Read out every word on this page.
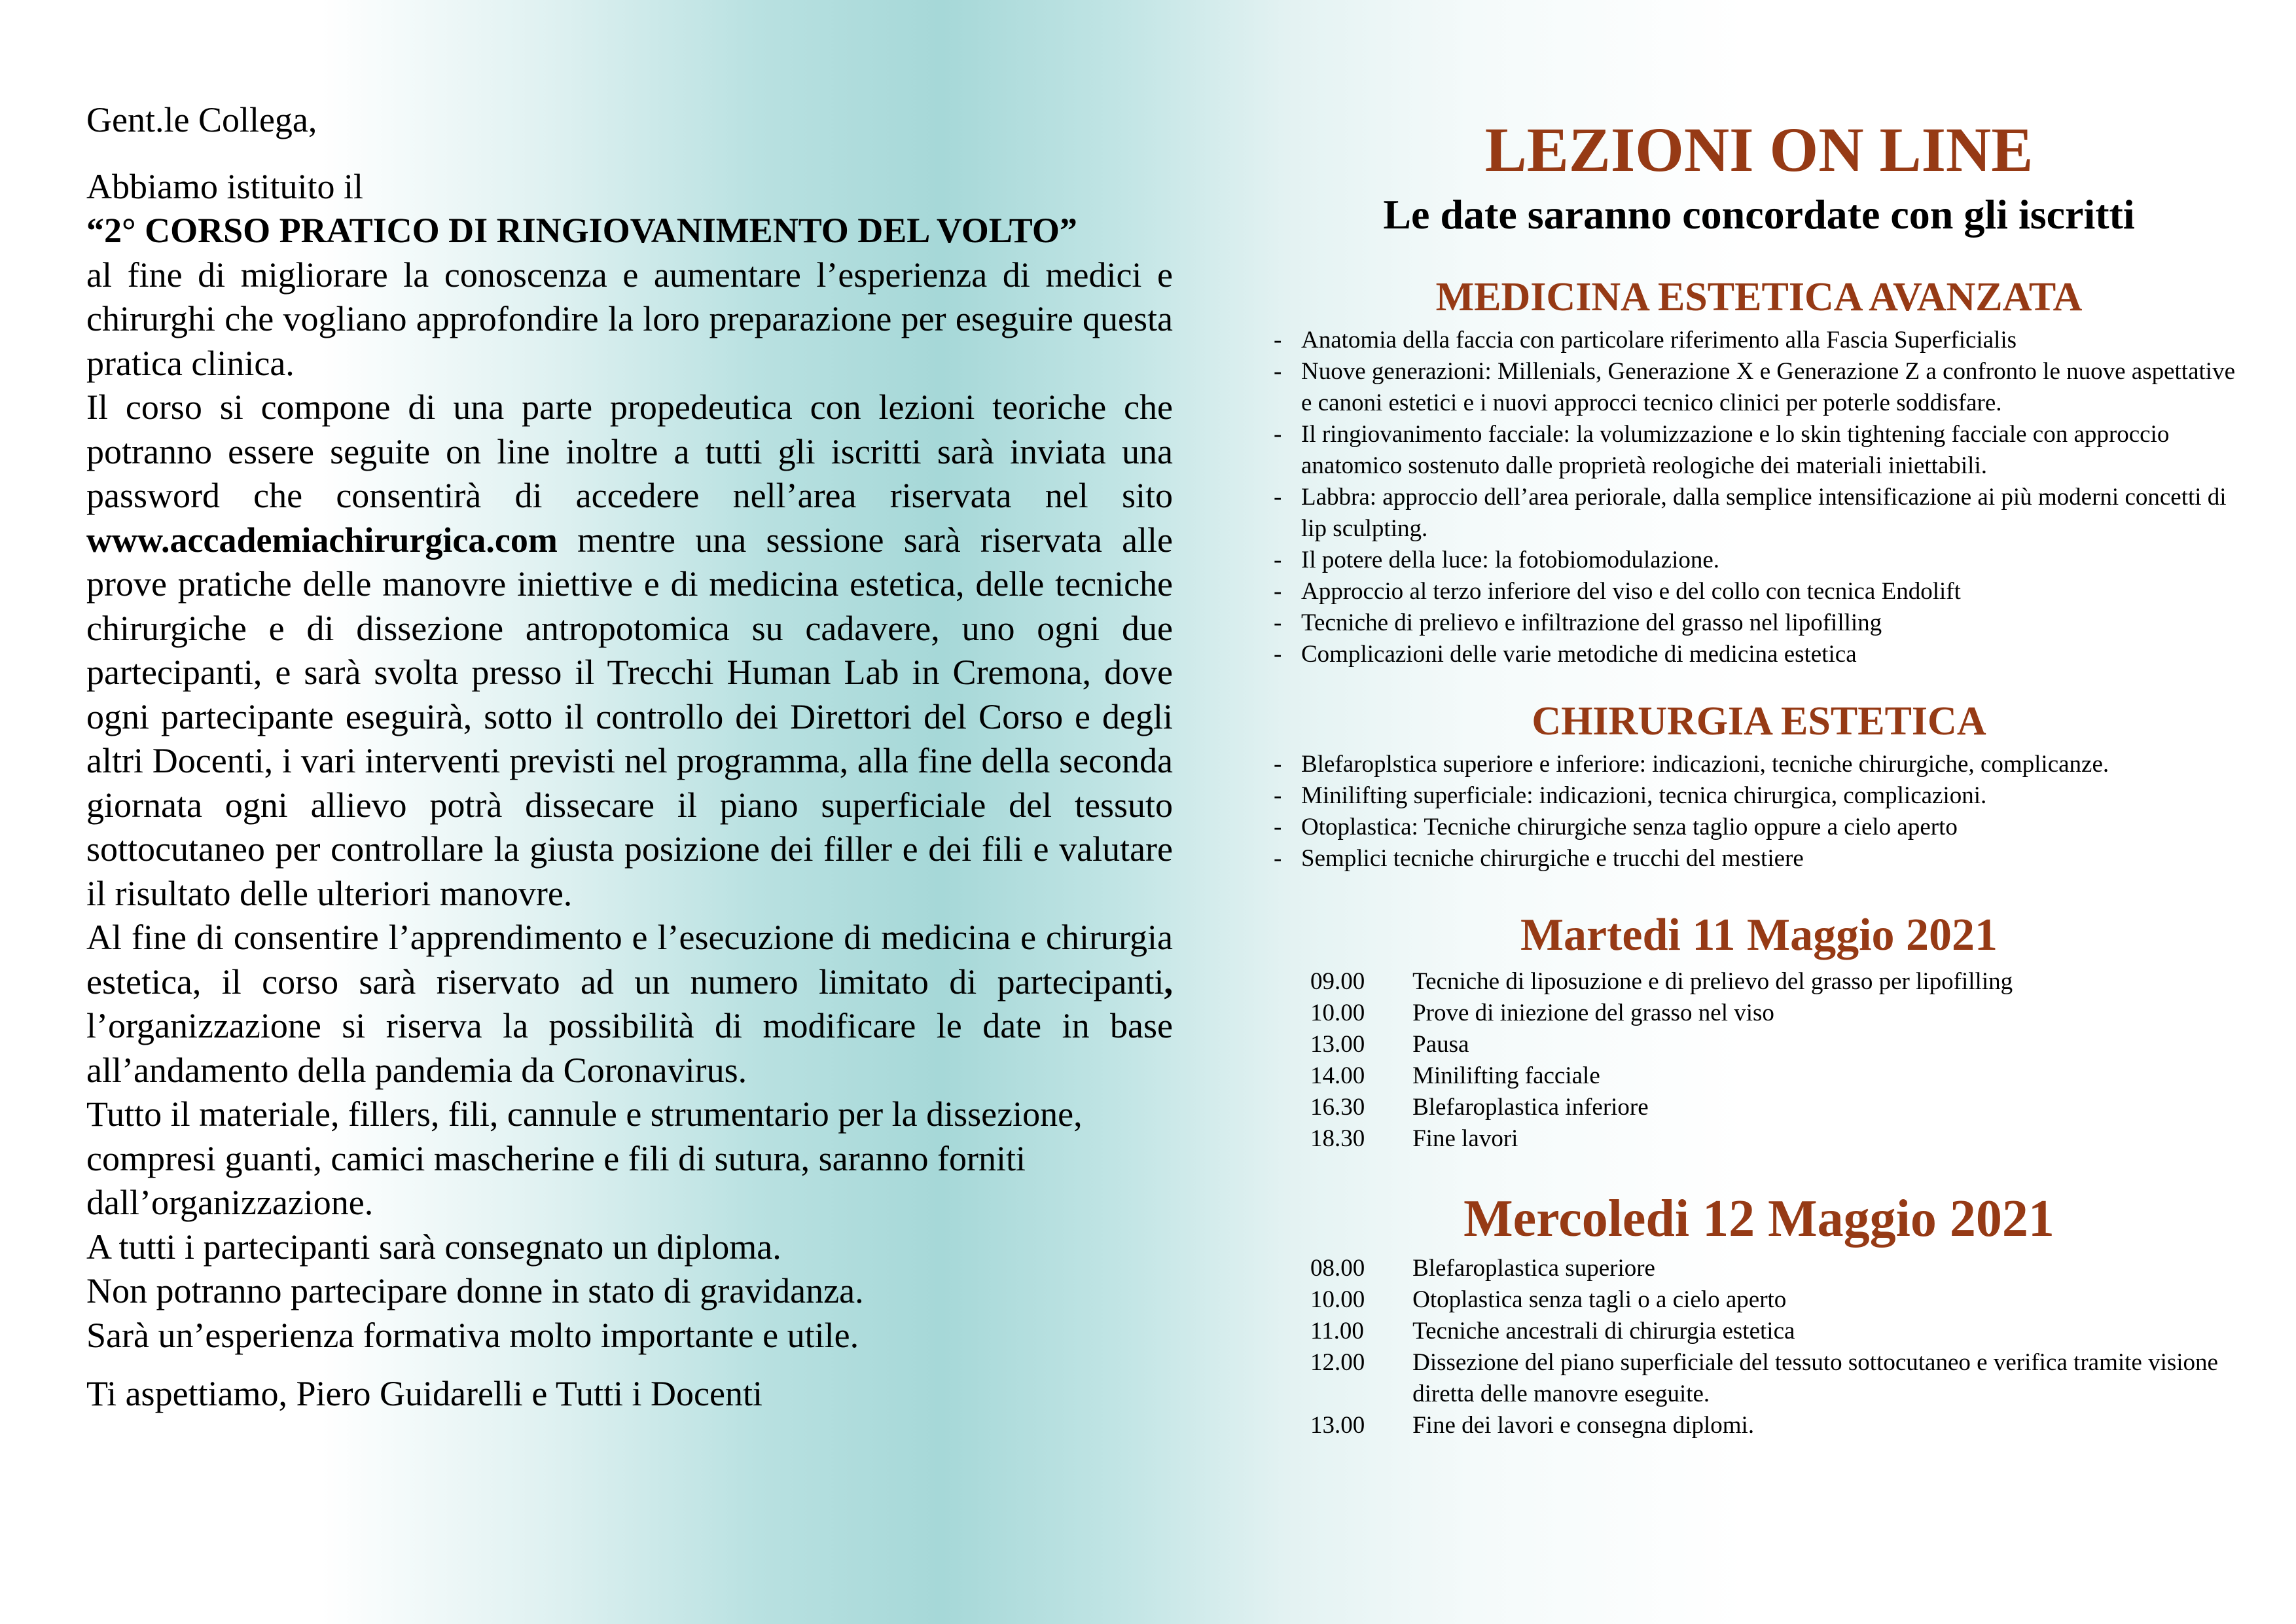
Gent.le Collega,

Abbiamo istituito il

“2° CORSO PRATICO DI RINGIOVANIMENTO DEL VOLTO”

al fine di migliorare la conoscenza e aumentare l’esperienza di medici e chirurghi che vogliano approfondire la loro preparazione per eseguire questa pratica clinica.

Il corso si compone di una parte propedeutica con lezioni teoriche che potranno essere seguite on line inoltre a tutti gli iscritti sarà inviata una password che consentirà di accedere nell’area riservata nel sito www.accademiachirurgica.com mentre una sessione sarà riservata alle prove pratiche delle manovre iniettive e di medicina estetica, delle tecniche chirurgiche e di dissezione antropotomica su cadavere, uno ogni due partecipanti, e sarà svolta presso il Trecchi Human Lab in Cremona, dove ogni partecipante eseguirà, sotto il controllo dei Direttori del Corso e degli altri Docenti, i vari interventi previsti nel programma, alla fine della seconda giornata ogni allievo potrà dissecare il piano superficiale del tessuto sottocutaneo per controllare la giusta posizione dei filler e dei fili e valutare il risultato delle ulteriori manovre.

Al fine di consentire l’apprendimento e l’esecuzione di medicina e chirurgia estetica, il corso sarà riservato ad un numero limitato di partecipanti, l’organizzazione si riserva la possibilità di modificare le date in base all’andamento della pandemia da Coronavirus.

Tutto il materiale, fillers, fili, cannule e strumentario per la dissezione, compresi guanti, camici mascherine e fili di sutura, saranno forniti dall’organizzazione.

A tutti i partecipanti sarà consegnato un diploma.

Non potranno partecipare donne in stato di gravidanza.

Sarà un’esperienza formativa molto importante e utile.

Ti aspettiamo, Piero Guidarelli e Tutti i Docenti

LEZIONI ON LINE
Le date saranno concordate con gli iscritti
MEDICINA ESTETICA AVANZATA
- Anatomia della faccia con particolare riferimento alla Fascia Superficialis
- Nuove generazioni: Millenials, Generazione X e Generazione Z a confronto le nuove aspettative e canoni estetici e i nuovi approcci tecnico clinici per poterle soddisfare.
- Il ringiovanimento facciale: la volumizzazione e lo skin tightening facciale con approccio anatomico sostenuto dalle proprietà reologiche dei materiali iniettabili.
- Labbra: approccio dell’area periorale, dalla semplice intensificazione ai più moderni concetti di lip sculpting.
- Il potere della luce: la fotobiomodulazione.
- Approccio al terzo inferiore del viso e del collo con tecnica Endolift
- Tecniche di prelievo e infiltrazione del grasso nel lipofilling
- Complicazioni delle varie metodiche di medicina estetica
CHIRURGIA ESTETICA
- Blefaroplstica superiore e inferiore: indicazioni, tecniche chirurgiche, complicanze.
- Minilifting superficiale: indicazioni, tecnica chirurgica, complicazioni.
- Otoplastica: Tecniche chirurgiche senza taglio oppure a cielo aperto
- Semplici tecniche chirurgiche e trucchi del mestiere
Martedi 11 Maggio 2021
09.00	Tecniche di liposuzione e di prelievo del grasso per lipofilling
10.00	Prove di iniezione del grasso nel viso
13.00	Pausa
14.00	Minilifting facciale
16.30	Blefaroplastica inferiore
18.30	Fine lavori
Mercoledi 12 Maggio 2021
08.00	Blefaroplastica superiore
10.00	Otoplastica senza tagli o a cielo aperto
11.00	Tecniche ancestrali di chirurgia estetica
12.00	Dissezione del piano superficiale del tessuto sottocutaneo e verifica tramite visione diretta delle manovre eseguite.
13.00	Fine dei lavori e consegna diplomi.
